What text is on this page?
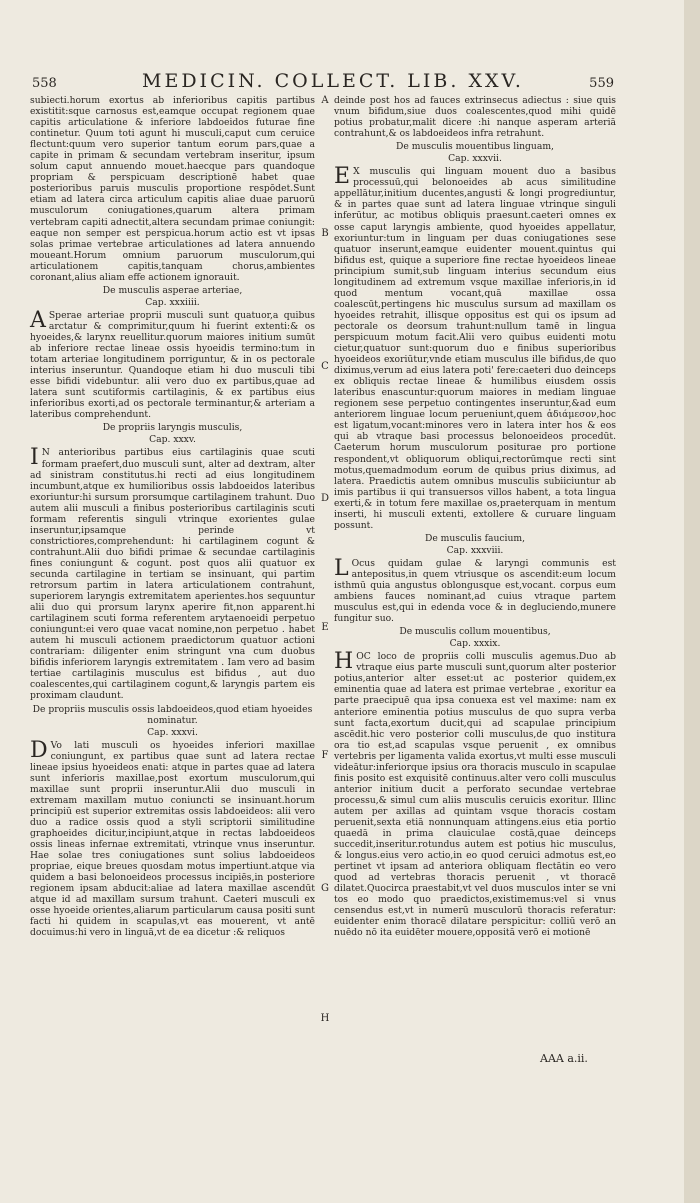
558	MEDICIN. COLLECT. LIB. XXV.	559

subiecti.horum exortus ab inferioribus capitis partibus existitit:sque carnosus est,eamque occupat regionem quae capitis articulatione & inferiore labdoeidos futurae fine continetur. Quum toti agunt hi musculi,caput cum ceruice flectunt:quum vero superior tantum eorum pars,quae a capite in primam & secundam vertebram inseritur, ipsum solum caput annuendo mouet.haecque pars quandoque propriam & perspicuam descriptionē habet quae posterioribus paruis musculis proportione respōdet.Sunt etiam ad latera circa articulum capitis aliae duae paruorū musculorum coniugationes,quarum altera primam vertebram capiti adnectit,altera secundam primae coniungit: eaque non semper est perspicua.horum actio est vt ipsas solas primae vertebrae articulationes ad latera annuendo moueant.Horum omnium paruorum musculorum,qui articulationem capitis,tanquam chorus,ambientes coronant,alius aliam effe actionem ignorauit.

De musculis asperae arteriae,

Cap. xxxiiii.

A Sperae arteriae proprii musculi sunt quatuor,a quibus arctatur & comprimitur,quum hi fuerint extenti:& os hyoeides,& larynx reuellitur.quorum maiores initium sumūt ab inferiore rectae lineae ossis hyoeidis termino:tum in totam arteriae longitudinem porriguntur, & in os pectorale interius inseruntur. Quandoque etiam hi duo musculi tibi esse bifidi videbuntur. alii vero duo ex partibus,quae ad latera sunt scutiformis cartilaginis, & ex partibus eius inferioribus exorti,ad os pectorale terminantur,& arteriam a lateribus comprehendunt.

De propriis laryngis musculis,

Cap. xxxv.

I N anterioribus partibus eius cartilaginis quae scuti formam praefert,duo musculi sunt, alter ad dextram, alter ad sinistram constitutus.hi recti ad eius longitudinem incumbunt,atque ex humilioribus ossis labdoeidos lateribus exoriuntur:hi sursum prorsumque cartilaginem trahunt. Duo autem alii musculi a finibus posterioribus cartilaginis scuti formam referentis singuli vtrinque exorientes gulae inseruntur,ipsamque perinde vt constrictiores,comprehendunt: hi cartilaginem cogunt & contrahunt.Alii duo bifidi primae & secundae cartilaginis fines coniungunt & cogunt. post quos alii quatuor ex secunda cartilagine in tertiam se insinuant, qui partim retrorsum partim in latera articulationem contrahunt, superiorem laryngis extremitatem aperientes.hos sequuntur alii duo qui prorsum larynx aperire fit,non apparent.hi cartilaginem scuti forma referentem arytaenoeidi perpetuo coniungunt:ei vero quae vacat nomine,non perpetuo . habet autem hi musculi actionem praedictorum quatuor actioni contrariam: diligenter enim stringunt vna cum duobus bifidis inferiorem laryngis extremitatem . Iam vero ad basim tertiae cartilaginis musculus est bifidus , aut duo coalescentes,qui cartilaginem cogunt,& laryngis partem eis proximam claudunt.

De propriis musculis ossis labdoeideos,quod etiam hyoeides nominatur.

Cap. xxxvi.

D Vo lati musculi os hyoeides inferiori maxillae coniungunt, ex partibus quae sunt ad latera rectae lineae ipsius hyoeideos enati: atque in partes quae ad latera sunt inferioris maxillae,post exortum musculorum,qui maxillae sunt proprii inseruntur.Alii duo musculi in extremam maxillam mutuo coniuncti se insinuant.horum principiū est superior extremitas ossis labdoeideos: alii vero duo a radice ossis quod a styli scriptorii similitudine graphoeides dicitur,incipiunt,atque in rectas labdoeideos ossis lineas infernae extremitati, vtrinque vnus inseruntur. Hae solae tres coniugationes sunt solius labdoeideos propriae, eique breues quosdam motus impertiunt.atque via quidem a basi belonoeideos processus incipiēs,in posteriore regionem ipsam abducit:aliae ad latera maxillae ascendūt atque id ad maxillam sursum trahunt. Caeteri musculi ex osse hyoeide orientes,aliarum particularum causa positi sunt facti hi quidem in scapulas,vt eas mouerent, vt antē docuimus:hi vero in linguā,vt de ea dicetur :& reliquos

A
B
C
D
E
F
G
H

deinde post hos ad fauces extrinsecus adiectus : siue quis vnum bifidum,siue duos coalescentes,quod mihi quidē potius probatur,malit dicere :hi nanque asperam arteriā contrahunt,& os labdoeideos infra retrahunt.

De musculis mouentibus linguam,

Cap. xxxvii.

E X musculis qui linguam mouent duo a basibus processuū,qui belonoeides ab acus similitudine appellātur,initium ducentes,angusti & longi progrediuntur, & in partes quae sunt ad latera linguae vtrinque singuli inferūtur, ac motibus obliquis praesunt.caeteri omnes ex osse caput laryngis ambiente, quod hyoeides appellatur, exoriuntur:tum in linguam per duas coniugationes sese quatuor inserunt,eamque euidenter mouent.quintus qui bifidus est, quique a superiore fine rectae hyoeideos lineae principium sumit,sub linguam interius secundum eius longitudinem ad extremum vsque maxillae inferioris,in id quod mentum vocant,quā maxillae ossa coalescūt,pertingens hic musculus sursum ad maxillam os hyoeides retrahit, illisque oppositus est qui os ipsum ad pectorale os deorsum trahunt:nullum tamē in lingua perspicuum motum facit.Alii vero quibus euidenti motu cietur,quatuor sunt:quorum duo e finibus superioribus hyoeideos exoriūtur,vnde etiam musculus ille bifidus,de quo diximus,verum ad eius latera poti' fere:caeteri duo deinceps ex obliquis rectae lineae & humilibus eiusdem ossis lateribus enascuntur:quorum maiores in mediam linguae regionem sese perpetuo contingentes inseruntur,&ad eum anteriorem linguae locum perueniunt,quem ἀδιάμεσον,hoc est ligatum,vocant:minores vero in latera inter hos & eos qui ab vtraque basi processus belonoeideos procedūt. Caeterum horum musculorum positurae pro portione respondent,vt obliquorum obliqui,rectorūmque recti sint motus,quemadmodum eorum de quibus prius diximus, ad latera. Praedictis autem omnibus musculis subiiciuntur ab imis partibus ii qui transuersos villos habent, a tota lingua exerti,& in totum fere maxillae os,praeterquam in mentum inserti, hi musculi extenti, extollere & curuare linguam possunt.

De musculis faucium,

Cap. xxxviii.

L Ocus quidam gulae & laryngi communis est antepositus,in quem vtriusque os ascendit:eum locum isthmū quia angustus oblongusque est,vocant. corpus eum ambiens fauces nominant,ad cuius vtraque partem musculus est,qui in edenda voce & in degluciendo,munere fungitur suo.

De musculis collum mouentibus,

Cap. xxxix.

HOC loco de propriis colli musculis agemus.Duo ab vtraque eius parte musculi sunt,quorum alter posterior potius,anterior alter esset:ut ac posterior quidem,ex eminentia quae ad latera est primae vertebrae , exoritur ea parte praecipuē qua ipsa conuexa est vel maxime: nam ex anteriore eminentia potius musculus de quo supra verba sunt facta,exortum ducit,qui ad scapulae principium ascēdit.hic vero posterior colli musculus,de quo institura ora tio est,ad scapulas vsque peruenit , ex omnibus vertebris per ligamenta valida exortus,vt multi esse musculi videātur:inferiorque ipsius ora thoracis musculo in scapulae finis posito est exquisitē continuus.alter vero colli musculus anterior initium ducit a perforato secundae vertebrae processu,& simul cum aliis musculis ceruicis exoritur. Illinc autem per axillas ad quintam vsque thoracis costam peruenit,sexta etiā nonnunquam attingens.eius etia portio quaedā in prima clauiculae costā,quae deinceps succedit,inseritur.rotundus autem est potius hic musculus, & longus.eius vero actio,in eo quod ceruici admotus est,eo pertinet vt ipsam ad anteriora obliquam flectātin eo vero quod ad vertebras thoracis peruenit , vt thoracē dilatet.Quocirca praestabit,vt vel duos musculos inter se vni tos eo modo quo praedictos,existimemus:vel si vnus censendus est,vt in numerū musculorū thoracis referatur: euidenter enim thoracē dilatare perspicitur: colliū verō an nuēdo nō ita euidēter mouere,oppositā verō ei motionē

AAA a.ii.
